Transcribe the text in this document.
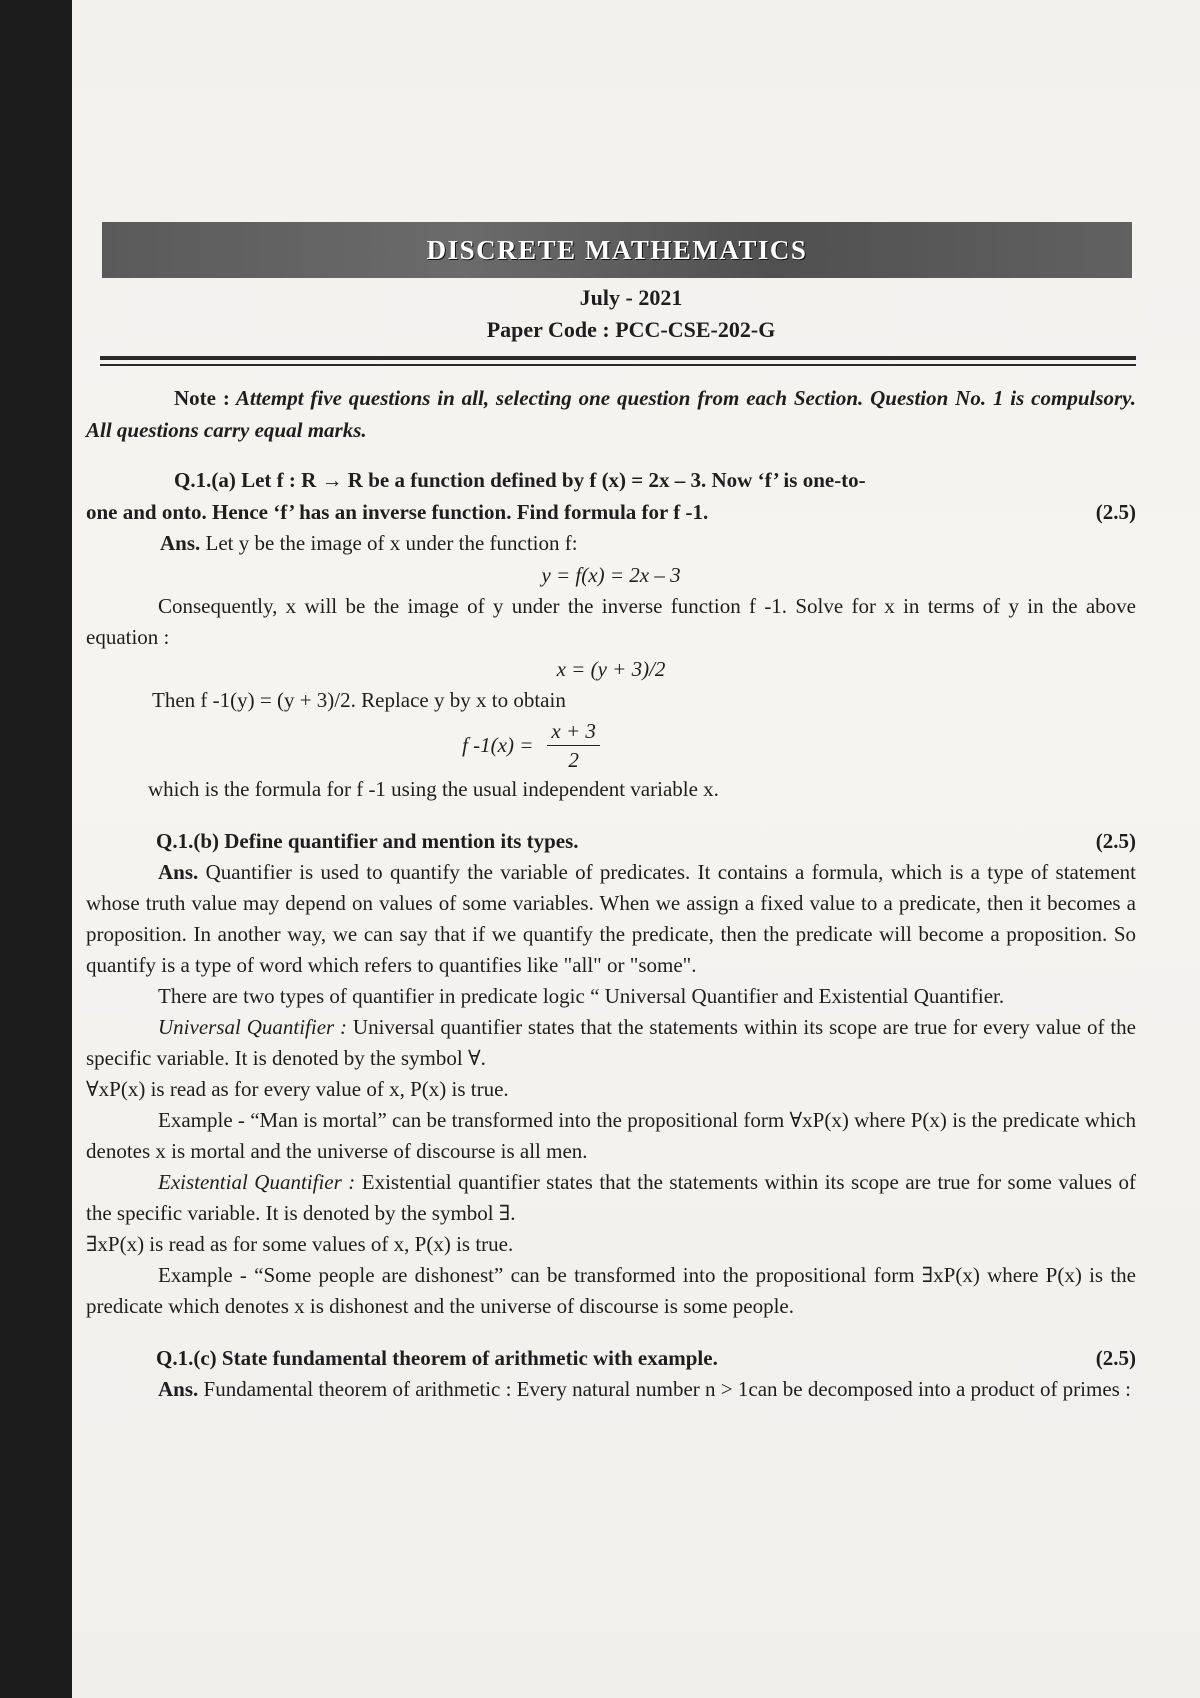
DISCRETE MATHEMATICS
July - 2021
Paper Code : PCC-CSE-202-G
Note : Attempt five questions in all, selecting one question from each Section. Question No. 1 is compulsory. All questions carry equal marks.
Q.1.(a) Let f : R → R be a function defined by f (x) = 2x – 3. Now ‘f’ is one-to-
one and onto. Hence ‘f’ has an inverse function. Find formula for f -1.	(2.5)
Ans. Let y be the image of x under the function f:
y = f(x) = 2x – 3
Consequently, x will be the image of y under the inverse function f -1. Solve for x in terms of y in the above equation :
x = (y + 3)/2
Then f -1(y) = (y + 3)/2. Replace y by x to obtain
f $-1(x) = \frac{x + 3}{2}$
which is the formula for f -1 using the usual independent variable x.
Q.1.(b) Define quantifier and mention its types.	(2.5)
Ans. Quantifier is used to quantify the variable of predicates. It contains a formula, which is a type of statement whose truth value may depend on values of some variables. When we assign a fixed value to a predicate, then it becomes a proposition. In another way, we can say that if we quantify the predicate, then the predicate will become a proposition. So quantify is a type of word which refers to quantifies like "all" or "some".
There are two types of quantifier in predicate logic “ Universal Quantifier and Existential Quantifier.
Universal Quantifier : Universal quantifier states that the statements within its scope are true for every value of the specific variable. It is denoted by the symbol ∀.
∀xP(x) is read as for every value of x, P(x) is true.
Example - “Man is mortal” can be transformed into the propositional form ∀xP(x) where P(x) is the predicate which denotes x is mortal and the universe of discourse is all men.
Existential Quantifier : Existential quantifier states that the statements within its scope are true for some values of the specific variable. It is denoted by the symbol ∃.
∃xP(x) is read as for some values of x, P(x) is true.
Example - “Some people are dishonest” can be transformed into the propositional form ∃xP(x) where P(x) is the predicate which denotes x is dishonest and the universe of discourse is some people.
Q.1.(c) State fundamental theorem of arithmetic with example.	(2.5)
Ans. Fundamental theorem of arithmetic : Every natural number n > 1can be decomposed into a product of primes :
